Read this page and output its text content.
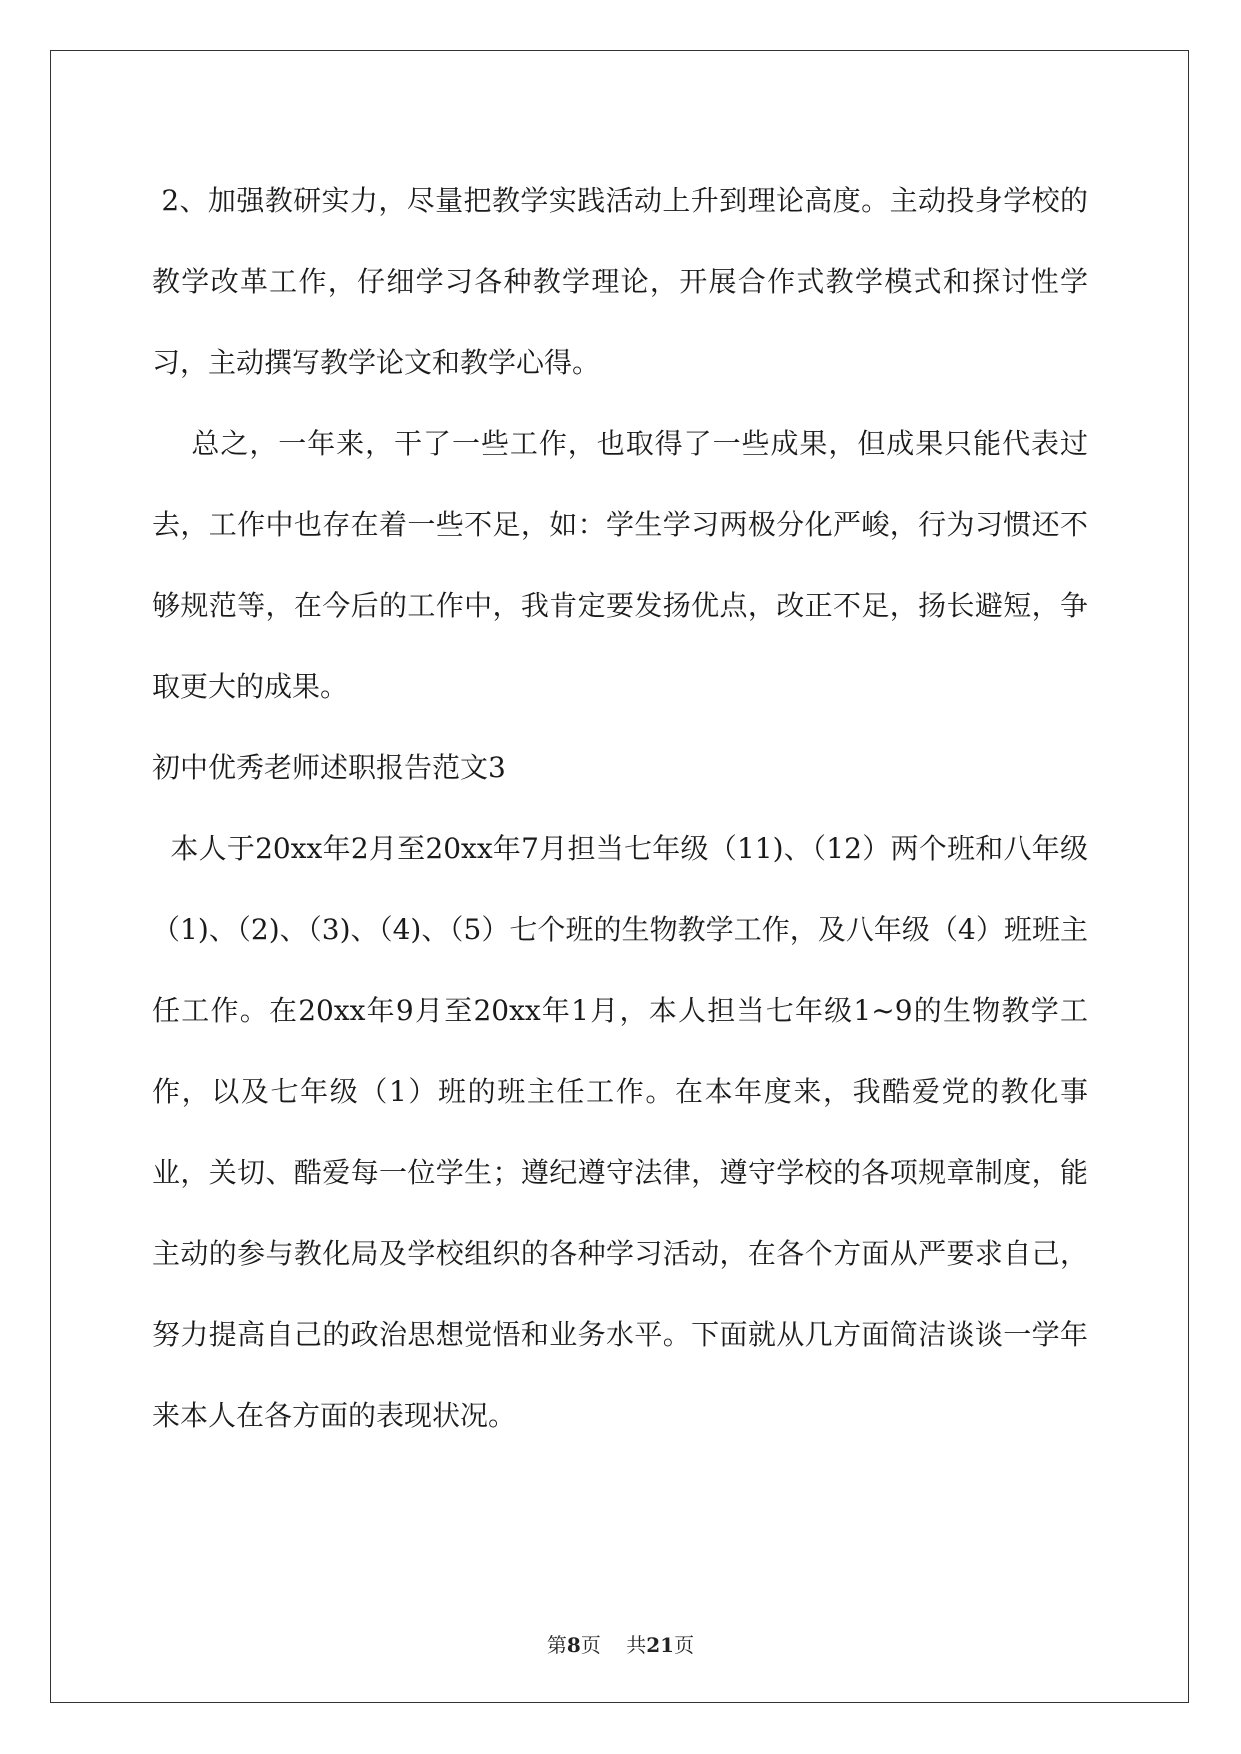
2、加强教研实力，尽量把教学实践活动上升到理论高度。主动投身学校的教学改革工作，仔细学习各种教学理论，开展合作式教学模式和探讨性学习，主动撰写教学论文和教学心得。

总之，一年来，干了一些工作，也取得了一些成果，但成果只能代表过去，工作中也存在着一些不足，如：学生学习两极分化严峻，行为习惯还不够规范等，在今后的工作中，我肯定要发扬优点，改正不足，扬长避短，争取更大的成果。

初中优秀老师述职报告范文3

本人于20xx年2月至20xx年7月担当七年级（11)、（12）两个班和八年级（1)、（2)、（3)、（4)、（5）七个班的生物教学工作，及八年级（4）班班主任工作。在20xx年9月至20xx年1月，本人担当七年级1~9的生物教学工作，以及七年级（1）班的班主任工作。在本年度来，我酷爱党的教化事业，关切、酷爱每一位学生；遵纪遵守法律，遵守学校的各项规章制度，能主动的参与教化局及学校组织的各种学习活动，在各个方面从严要求自己，努力提高自己的政治思想觉悟和业务水平。下面就从几方面简洁谈谈一学年来本人在各方面的表现状况。

第8页 共21页
